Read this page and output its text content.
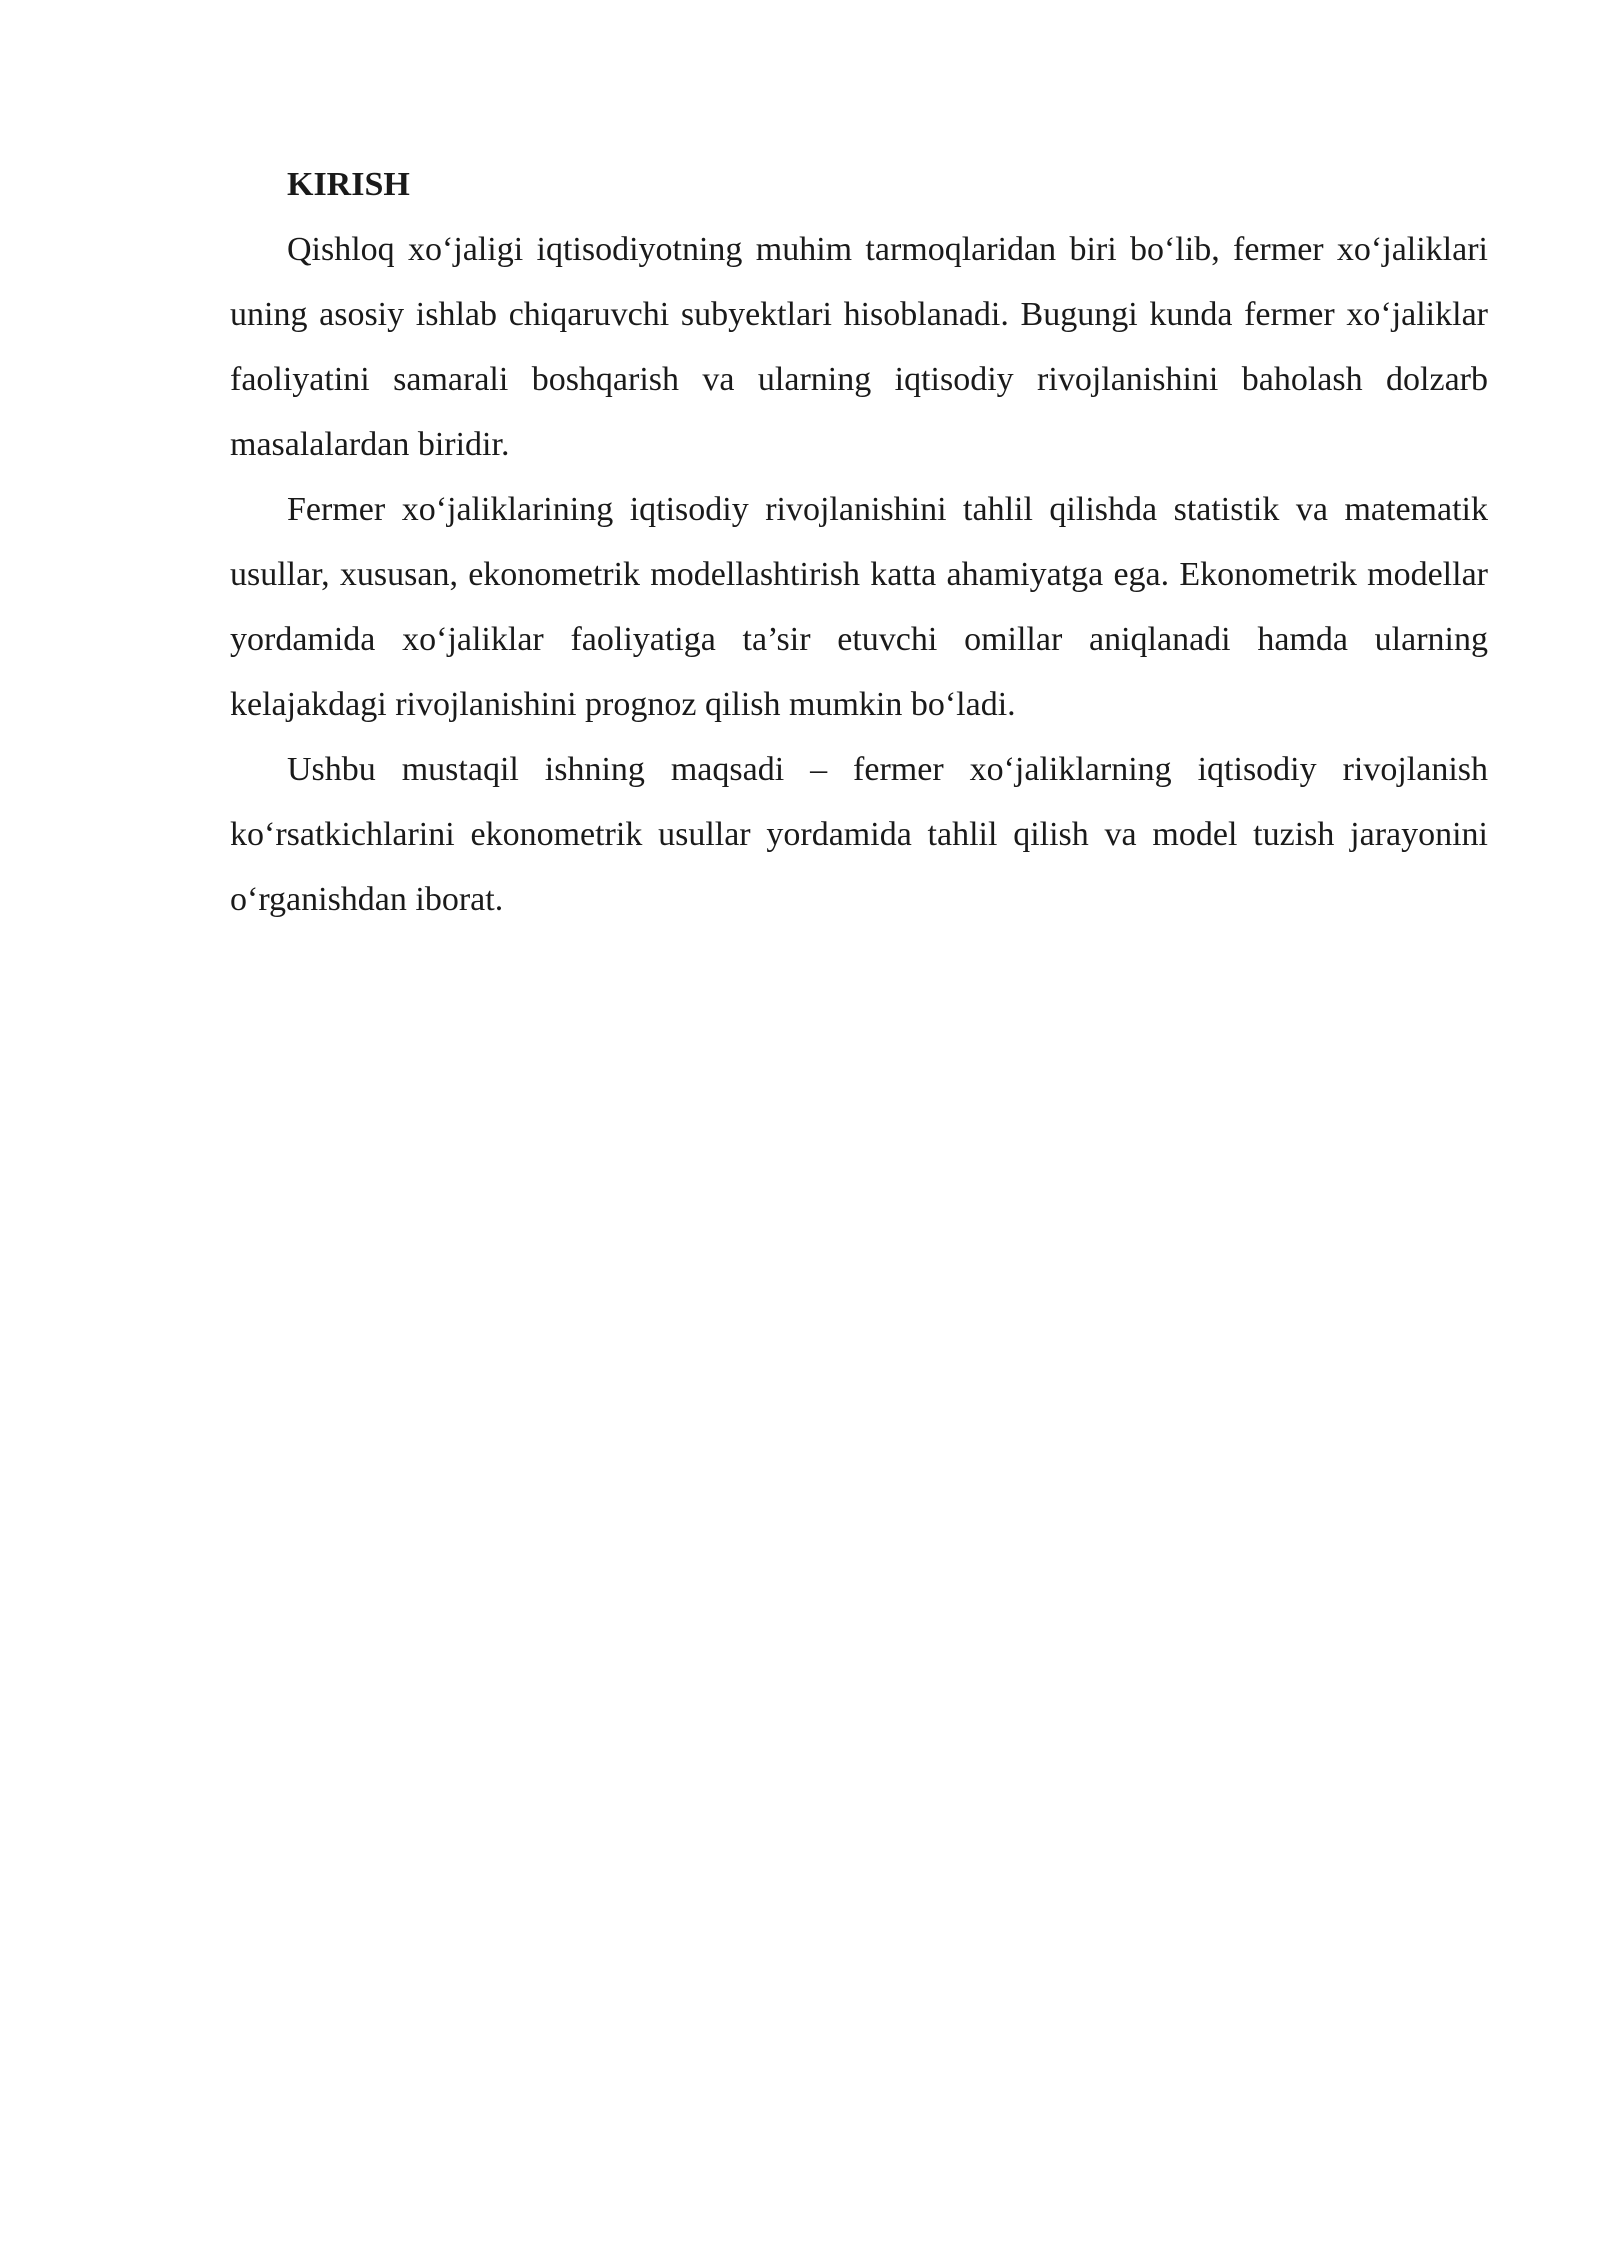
KIRISH

Qishloq xo‘jaligi iqtisodiyotning muhim tarmoqlaridan biri bo‘lib, fermer xo‘jaliklari uning asosiy ishlab chiqaruvchi subyektlari hisoblanadi. Bugungi kunda fermer xo‘jaliklar faoliyatini samarali boshqarish va ularning iqtisodiy rivojlanishini baholash dolzarb masalalardan biridir.

Fermer xo‘jaliklarining iqtisodiy rivojlanishini tahlil qilishda statistik va matematik usullar, xususan, ekonometrik modellashtirish katta ahamiyatga ega. Ekonometrik modellar yordamida xo‘jaliklar faoliyatiga ta’sir etuvchi omillar aniqlanadi hamda ularning kelajakdagi rivojlanishini prognoz qilish mumkin bo‘ladi.

Ushbu mustaqil ishning maqsadi – fermer xo‘jaliklarning iqtisodiy rivojlanish ko‘rsatkichlarini ekonometrik usullar yordamida tahlil qilish va model tuzish jarayonini o‘rganishdan iborat.
